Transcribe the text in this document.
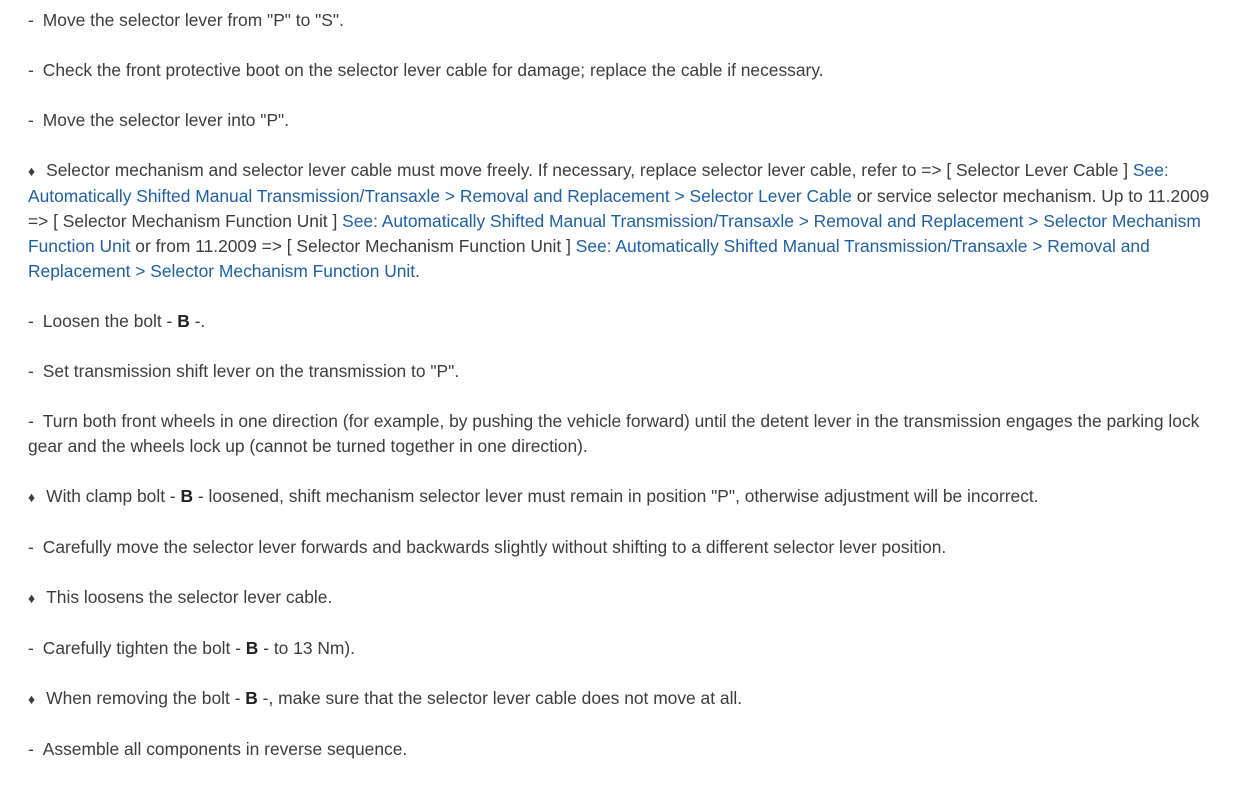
- Move the selector lever from "P" to "S".

- Check the front protective boot on the selector lever cable for damage; replace the cable if necessary.

- Move the selector lever into "P".

♦ Selector mechanism and selector lever cable must move freely. If necessary, replace selector lever cable, refer to => [ Selector Lever Cable ] See: Automatically Shifted Manual Transmission/Transaxle > Removal and Replacement > Selector Lever Cable or service selector mechanism. Up to 11.2009 => [ Selector Mechanism Function Unit ] See: Automatically Shifted Manual Transmission/Transaxle > Removal and Replacement > Selector Mechanism Function Unit or from 11.2009 => [ Selector Mechanism Function Unit ] See: Automatically Shifted Manual Transmission/Transaxle > Removal and Replacement > Selector Mechanism Function Unit.

- Loosen the bolt - B -.

- Set transmission shift lever on the transmission to "P".

- Turn both front wheels in one direction (for example, by pushing the vehicle forward) until the detent lever in the transmission engages the parking lock gear and the wheels lock up (cannot be turned together in one direction).

♦ With clamp bolt - B - loosened, shift mechanism selector lever must remain in position "P", otherwise adjustment will be incorrect.

- Carefully move the selector lever forwards and backwards slightly without shifting to a different selector lever position.

♦ This loosens the selector lever cable.

- Carefully tighten the bolt - B - to 13 Nm).

♦ When removing the bolt - B -, make sure that the selector lever cable does not move at all.

- Assemble all components in reverse sequence.
